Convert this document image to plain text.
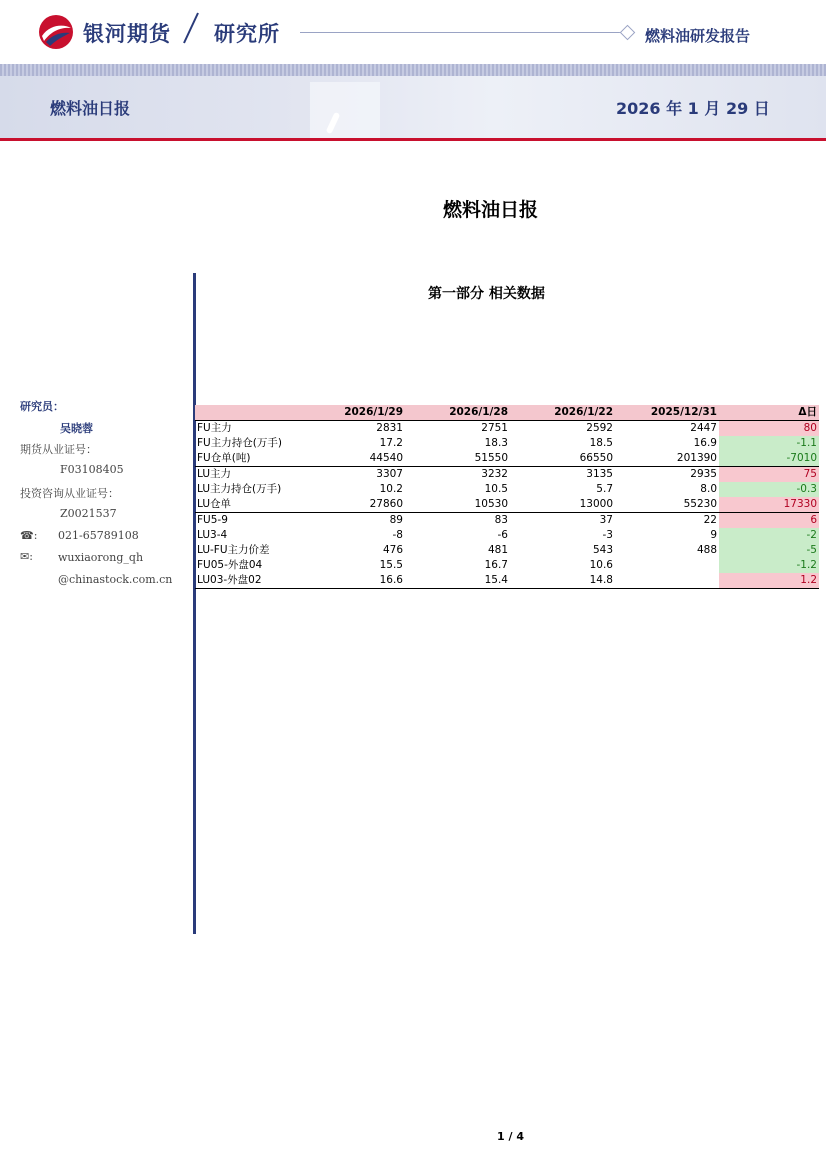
银河期货 研究所	燃料油研发报告
燃料油日报	2026 年 1 月 29 日
燃料油日报
第一部分 相关数据
研究员：
吴晓蓉
期货从业证号：
F03108405
投资咨询从业证号：
Z0021537
☎: 021-65789108
✉: wuxiaorong_qh
@chinastock.com.cn
	2026/1/29	2026/1/28	2026/1/22	2025/12/31	Δ日
FU主力	2831	2751	2592	2447	80
FU主力持仓(万手)	17.2	18.3	18.5	16.9	-1.1
FU仓单(吨)	44540	51550	66550	201390	-7010
LU主力	3307	3232	3135	2935	75
LU主力持仓(万手)	10.2	10.5	5.7	8.0	-0.3
LU仓单	27860	10530	13000	55230	17330
FU5-9	89	83	37	22	6
LU3-4	-8	-6	-3	9	-2
LU-FU主力价差	476	481	543	488	-5
FU05-外盘04	15.5	16.7	10.6		-1.2
LU03-外盘02	16.6	15.4	14.8		1.2
1 / 4
